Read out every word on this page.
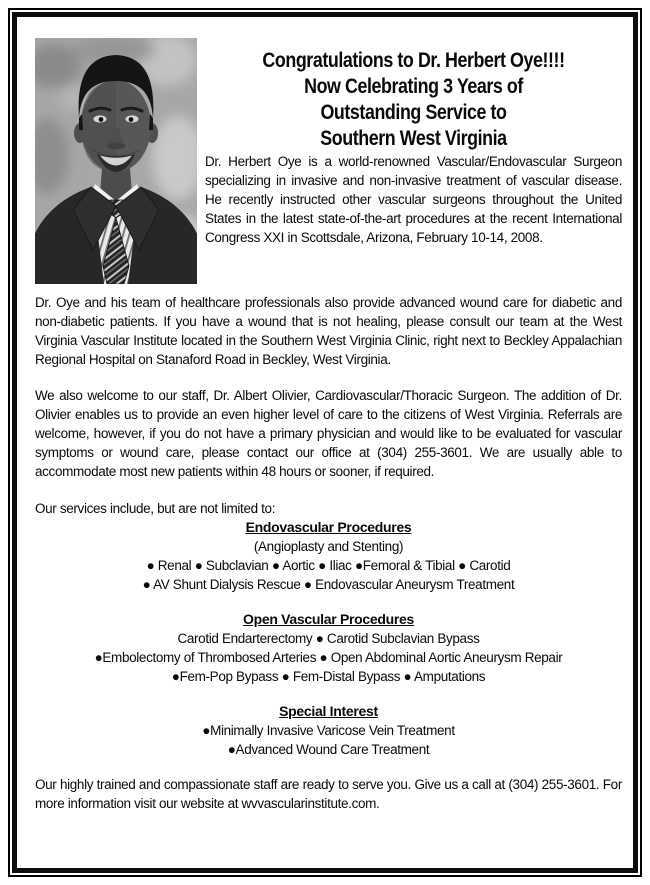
Congratulations to Dr. Herbert Oye!!!!
Now Celebrating 3 Years of
Outstanding Service to
Southern West Virginia

Dr. Herbert Oye is a world-renowned Vascular/Endovascular Surgeon specializing in invasive and non-invasive treatment of vascular disease. He recently instructed other vascular surgeons throughout the United States in the latest state-of-the-art procedures at the recent International Congress XXI in Scottsdale, Arizona, February 10-14, 2008.

Dr. Oye and his team of healthcare professionals also provide advanced wound care for diabetic and non-diabetic patients. If you have a wound that is not healing, please consult our team at the West Virginia Vascular Institute located in the Southern West Virginia Clinic, right next to Beckley Appalachian Regional Hospital on Stanaford Road in Beckley, West Virginia.

We also welcome to our staff, Dr. Albert Olivier, Cardiovascular/Thoracic Surgeon. The addition of Dr. Olivier enables us to provide an even higher level of care to the citizens of West Virginia. Referrals are welcome, however, if you do not have a primary physician and would like to be evaluated for vascular symptoms or wound care, please contact our office at (304) 255-3601. We are usually able to accommodate most new patients within 48 hours or sooner, if required.

Our services include, but are not limited to:

Endovascular Procedures
(Angioplasty and Stenting)
● Renal ● Subclavian ● Aortic ● Iliac ●Femoral & Tibial ● Carotid
● AV Shunt Dialysis Rescue ● Endovascular Aneurysm Treatment
Open Vascular Procedures
Carotid Endarterectomy ● Carotid Subclavian Bypass
●Embolectomy of Thrombosed Arteries ● Open Abdominal Aortic Aneurysm Repair
●Fem-Pop Bypass ● Fem-Distal Bypass ● Amputations
Special Interest
●Minimally Invasive Varicose Vein Treatment
●Advanced Wound Care Treatment

Our highly trained and compassionate staff are ready to serve you. Give us a call at (304) 255-3601. For more information visit our website at wvvascularinstitute.com.
